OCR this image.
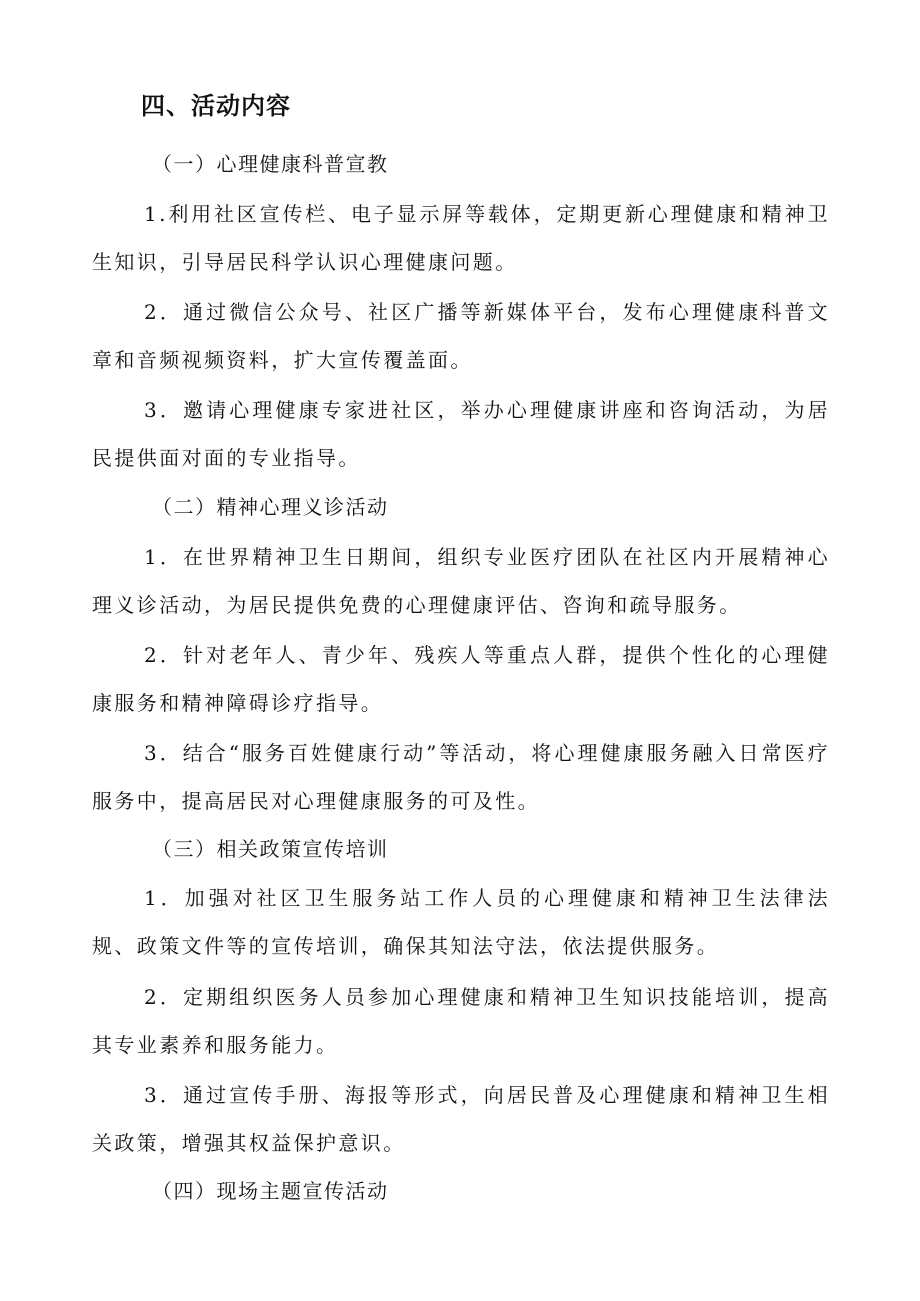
四、活动内容
（一）心理健康科普宣教

1.利用社区宣传栏、电子显示屏等载体，定期更新心理健康和精神卫生知识，引导居民科学认识心理健康问题。

2．通过微信公众号、社区广播等新媒体平台，发布心理健康科普文章和音频视频资料，扩大宣传覆盖面。

3．邀请心理健康专家进社区，举办心理健康讲座和咨询活动，为居民提供面对面的专业指导。

（二）精神心理义诊活动

1．在世界精神卫生日期间，组织专业医疗团队在社区内开展精神心理义诊活动，为居民提供免费的心理健康评估、咨询和疏导服务。

2．针对老年人、青少年、残疾人等重点人群，提供个性化的心理健康服务和精神障碍诊疗指导。

3．结合“服务百姓健康行动”等活动，将心理健康服务融入日常医疗服务中，提高居民对心理健康服务的可及性。

（三）相关政策宣传培训

1．加强对社区卫生服务站工作人员的心理健康和精神卫生法律法规、政策文件等的宣传培训，确保其知法守法，依法提供服务。

2．定期组织医务人员参加心理健康和精神卫生知识技能培训，提高其专业素养和服务能力。

3．通过宣传手册、海报等形式，向居民普及心理健康和精神卫生相关政策，增强其权益保护意识。

（四）现场主题宣传活动
